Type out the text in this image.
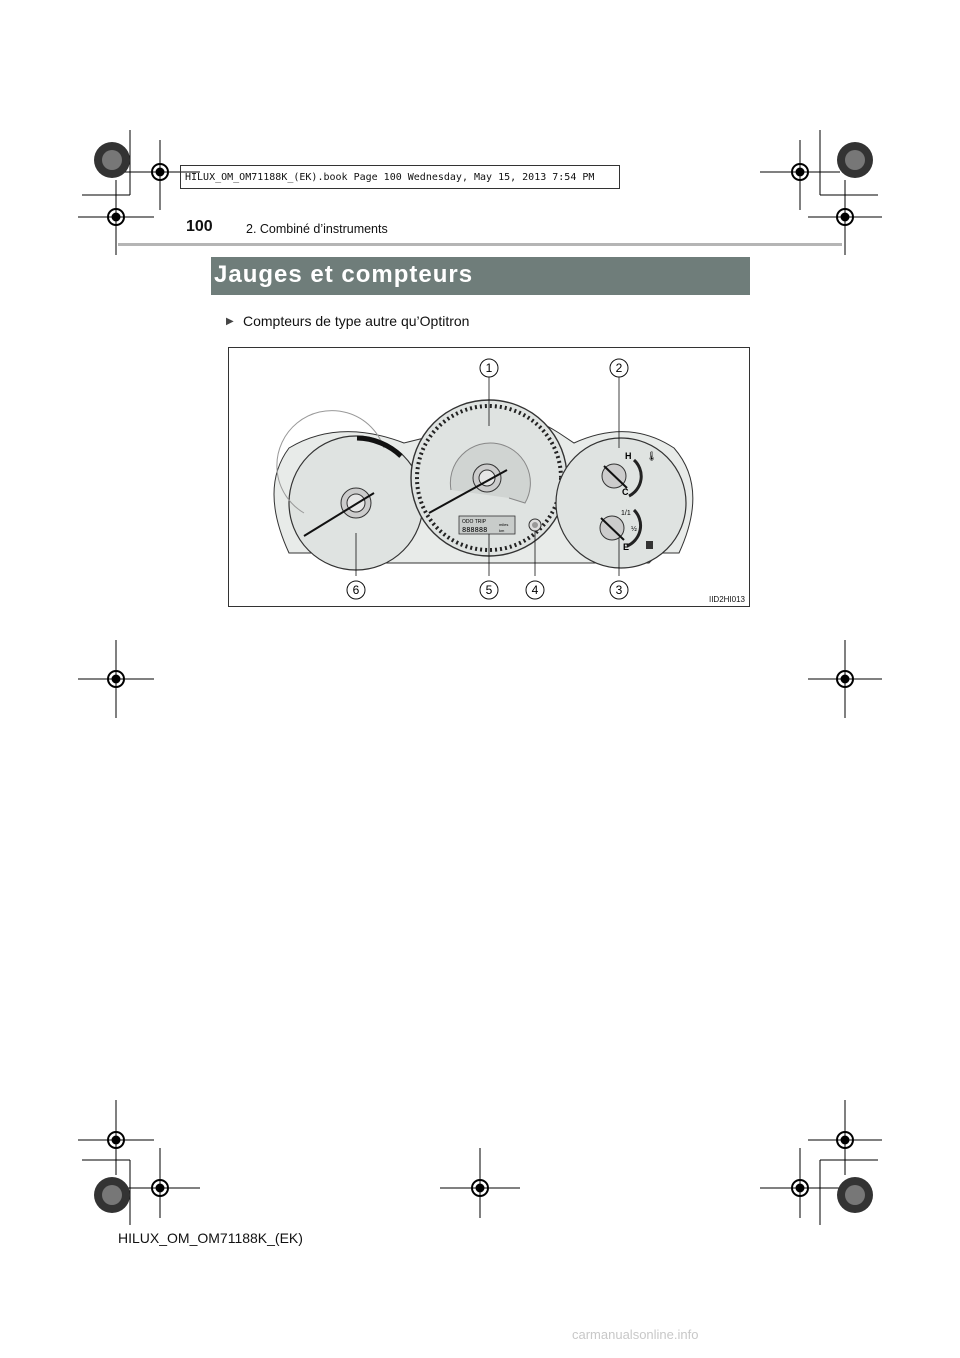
HILUX_OM_OM71188K_(EK).book Page 100 Wednesday, May 15, 2013 7:54 PM
100	2. Combiné d’instruments
Jauges et compteurs
▶ Compteurs de type autre qu’Optitron
ODO TRIP
888888
miles
km
H
C
🌡
1/1
½
E
1	2
3
4
5
6
IID2HI013
HILUX_OM_OM71188K_(EK)
carmanualsonline.info
